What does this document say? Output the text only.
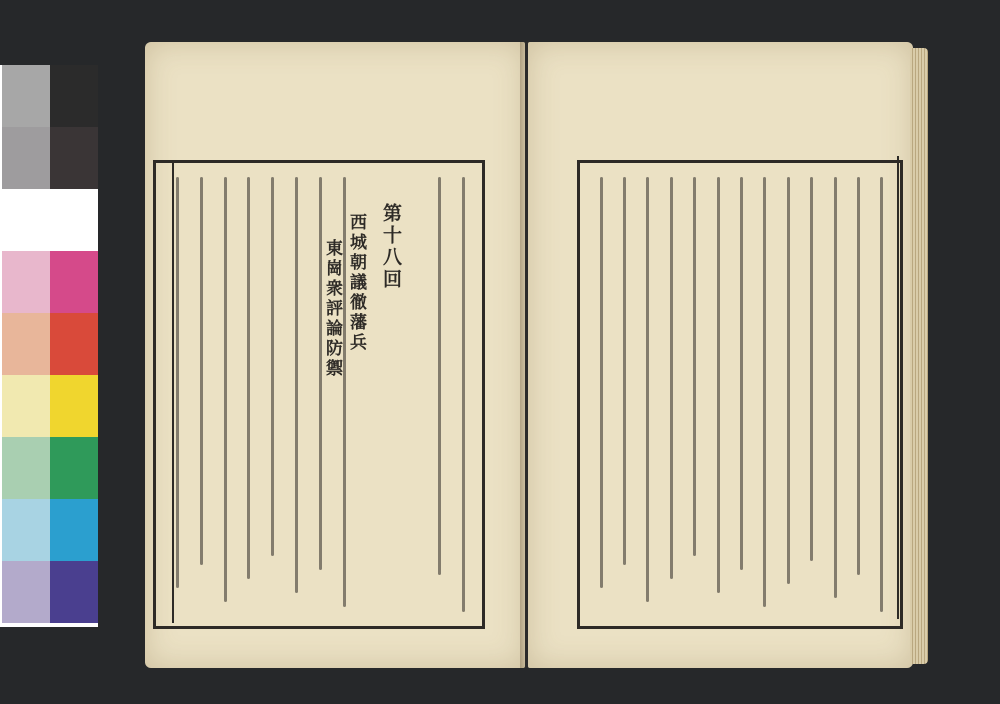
第十八回
西城朝議徹藩兵
東崗衆評論防禦
